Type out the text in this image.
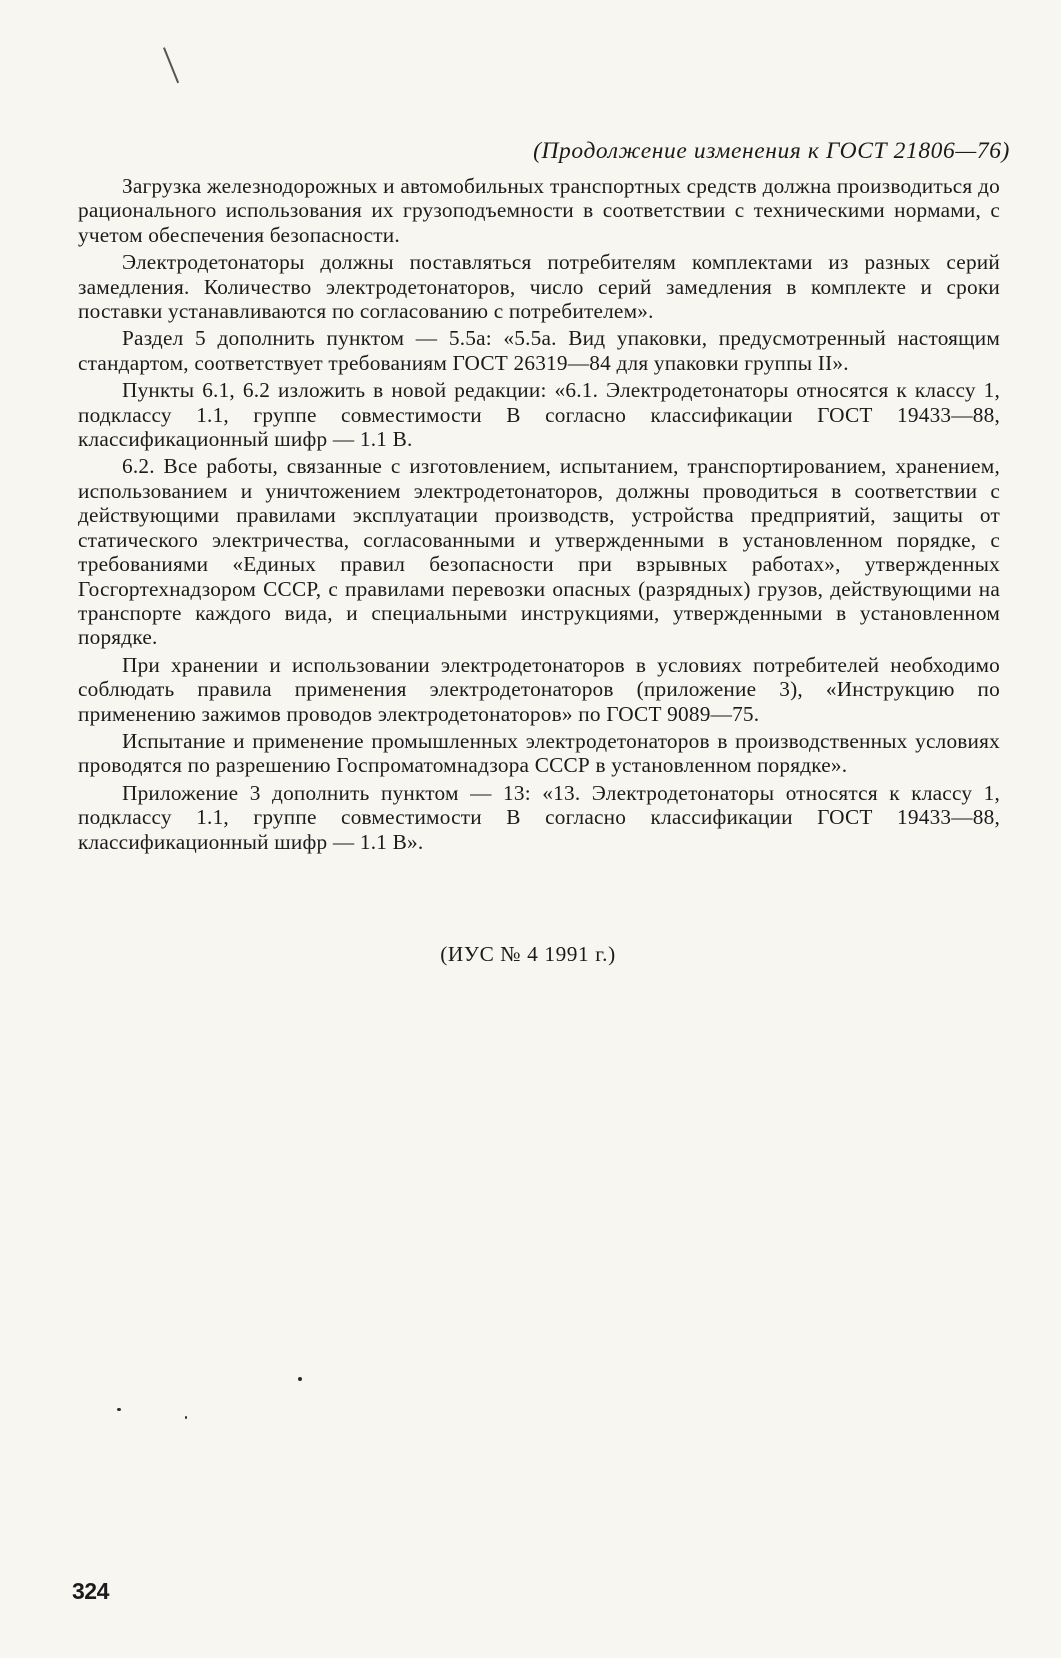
(Продолжение изменения к ГОСТ 21806—76)

Загрузка железнодорожных и автомобильных транспортных средств должна производиться до рационального использования их грузоподъемности в соответствии с техническими нормами, с учетом обеспечения безопасности.

Электродетонаторы должны поставляться потребителям комплектами из разных серий замедления. Количество электродетонаторов, число серий замедления в комплекте и сроки поставки устанавливаются по согласованию с потребителем».

Раздел 5 дополнить пунктом — 5.5а: «5.5а. Вид упаковки, предусмотренный настоящим стандартом, соответствует требованиям ГОСТ 26319—84 для упаковки группы II».

Пункты 6.1, 6.2 изложить в новой редакции: «6.1. Электродетонаторы относятся к классу 1, подклассу 1.1, группе совместимости В согласно классификации ГОСТ 19433—88, классификационный шифр — 1.1 В.

6.2. Все работы, связанные с изготовлением, испытанием, транспортированием, хранением, использованием и уничтожением электродетонаторов, должны проводиться в соответствии с действующими правилами эксплуатации производств, устройства предприятий, защиты от статического электричества, согласованными и утвержденными в установленном порядке, с требованиями «Единых правил безопасности при взрывных работах», утвержденных Госгортехнадзором СССР, с правилами перевозки опасных (разрядных) грузов, действующими на транспорте каждого вида, и специальными инструкциями, утвержденными в установленном порядке.

При хранении и использовании электродетонаторов в условиях потребителей необходимо соблюдать правила применения электродетонаторов (приложение 3), «Инструкцию по применению зажимов проводов электродетонаторов» по ГОСТ 9089—75.

Испытание и применение промышленных электродетонаторов в производственных условиях проводятся по разрешению Госпроматомнадзора СССР в установленном порядке».

Приложение 3 дополнить пунктом — 13: «13. Электродетонаторы относятся к классу 1, подклассу 1.1, группе совместимости В согласно классификации ГОСТ 19433—88, классификационный шифр — 1.1 В».

(ИУС № 4 1991 г.)
324
